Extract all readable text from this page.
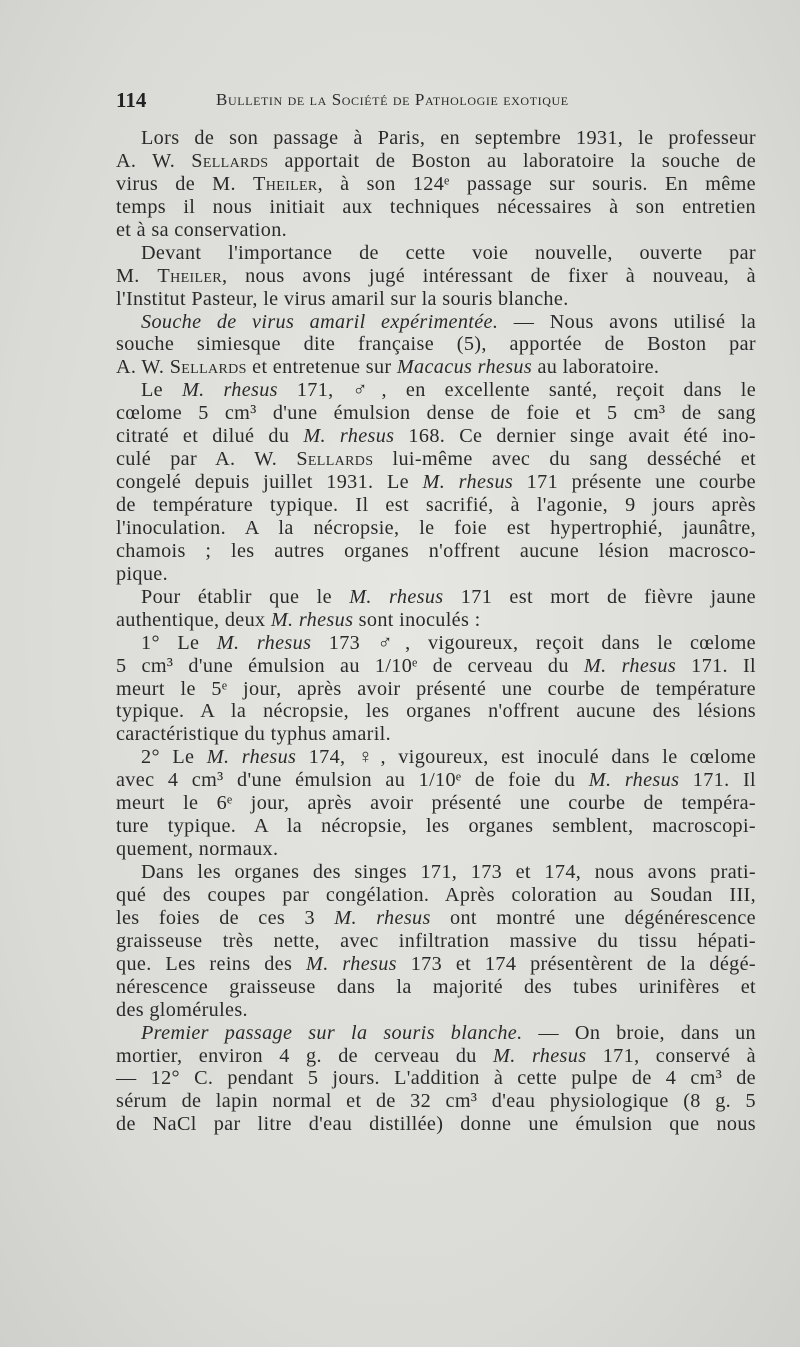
114	Bulletin de la Société de Pathologie exotique
Lors de son passage à Paris, en septembre 1931, le professeur
A. W. Sellards apportait de Boston au laboratoire la souche de
virus de M. Theiler, à son 124ᵉ passage sur souris. En même
temps il nous initiait aux techniques nécessaires à son entretien
et à sa conservation.
Devant l'importance de cette voie nouvelle, ouverte par
M. Theiler, nous avons jugé intéressant de fixer à nouveau, à
l'Institut Pasteur, le virus amaril sur la souris blanche.
Souche de virus amaril expérimentée. — Nous avons utilisé la
souche simiesque dite française (5), apportée de Boston par
A. W. Sellards et entretenue sur Macacus rhesus au laboratoire.
Le M. rhesus 171, ♂, en excellente santé, reçoit dans le
cœlome 5 cm³ d'une émulsion dense de foie et 5 cm³ de sang
citraté et dilué du M. rhesus 168. Ce dernier singe avait été ino-
culé par A. W. Sellards lui-même avec du sang desséché et
congelé depuis juillet 1931. Le M. rhesus 171 présente une courbe
de température typique. Il est sacrifié, à l'agonie, 9 jours après
l'inoculation. A la nécropsie, le foie est hypertrophié, jaunâtre,
chamois ; les autres organes n'offrent aucune lésion macrosco-
pique.
Pour établir que le M. rhesus 171 est mort de fièvre jaune
authentique, deux M. rhesus sont inoculés :
1° Le M. rhesus 173 ♂, vigoureux, reçoit dans le cœlome
5 cm³ d'une émulsion au 1/10ᵉ de cerveau du M. rhesus 171. Il
meurt le 5ᵉ jour, après avoir présenté une courbe de température
typique. A la nécropsie, les organes n'offrent aucune des lésions
caractéristique du typhus amaril.
2° Le M. rhesus 174, ♀, vigoureux, est inoculé dans le cœlome
avec 4 cm³ d'une émulsion au 1/10ᵉ de foie du M. rhesus 171. Il
meurt le 6ᵉ jour, après avoir présenté une courbe de tempéra-
ture typique. A la nécropsie, les organes semblent, macroscopi-
quement, normaux.
Dans les organes des singes 171, 173 et 174, nous avons prati-
qué des coupes par congélation. Après coloration au Soudan III,
les foies de ces 3 M. rhesus ont montré une dégénérescence
graisseuse très nette, avec infiltration massive du tissu hépati-
que. Les reins des M. rhesus 173 et 174 présentèrent de la dégé-
nérescence graisseuse dans la majorité des tubes urinifères et
des glomérules.
Premier passage sur la souris blanche. — On broie, dans un
mortier, environ 4 g. de cerveau du M. rhesus 171, conservé à
— 12° C. pendant 5 jours. L'addition à cette pulpe de 4 cm³ de
sérum de lapin normal et de 32 cm³ d'eau physiologique (8 g. 5
de NaCl par litre d'eau distillée) donne une émulsion que nous
